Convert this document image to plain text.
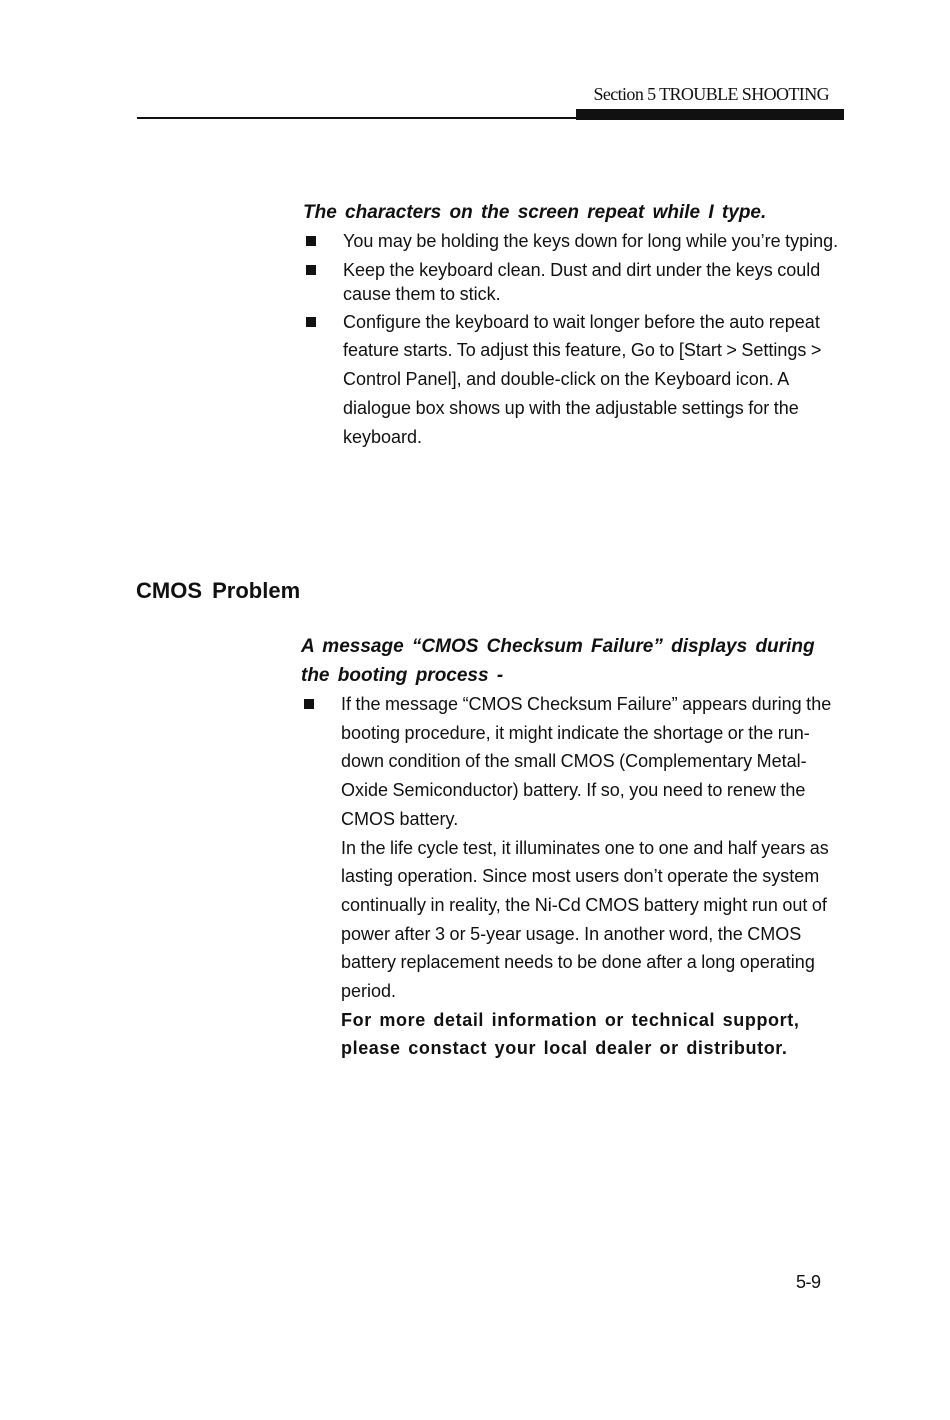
Section 5 TROUBLE SHOOTING

The characters on the screen repeat while I type.

You may be holding the keys down for long while you’re typing.
Keep the keyboard clean. Dust and dirt under the keys could cause them to stick.
Configure the keyboard to wait longer before the auto repeat feature starts. To adjust this feature, Go to [Start > Settings > Control Panel], and double-click on the Keyboard icon. A dialogue box shows up with the adjustable settings for the keyboard.
CMOS Problem

A message “CMOS Checksum Failure” displays during the booting process -

If the message “CMOS Checksum Failure” appears during the booting procedure, it might indicate the shortage or the run-down condition of the small CMOS (Complementary Metal-Oxide Semiconductor) battery. If so, you need to renew the CMOS battery.
In the life cycle test, it illuminates one to one and half years as lasting operation. Since most users don’t operate the system continually in reality, the Ni-Cd CMOS battery might run out of power after 3 or 5-year usage. In another word, the CMOS battery replacement needs to be done after a long operating period.
For more detail information or technical support, please constact your local dealer or distributor.
5-9
